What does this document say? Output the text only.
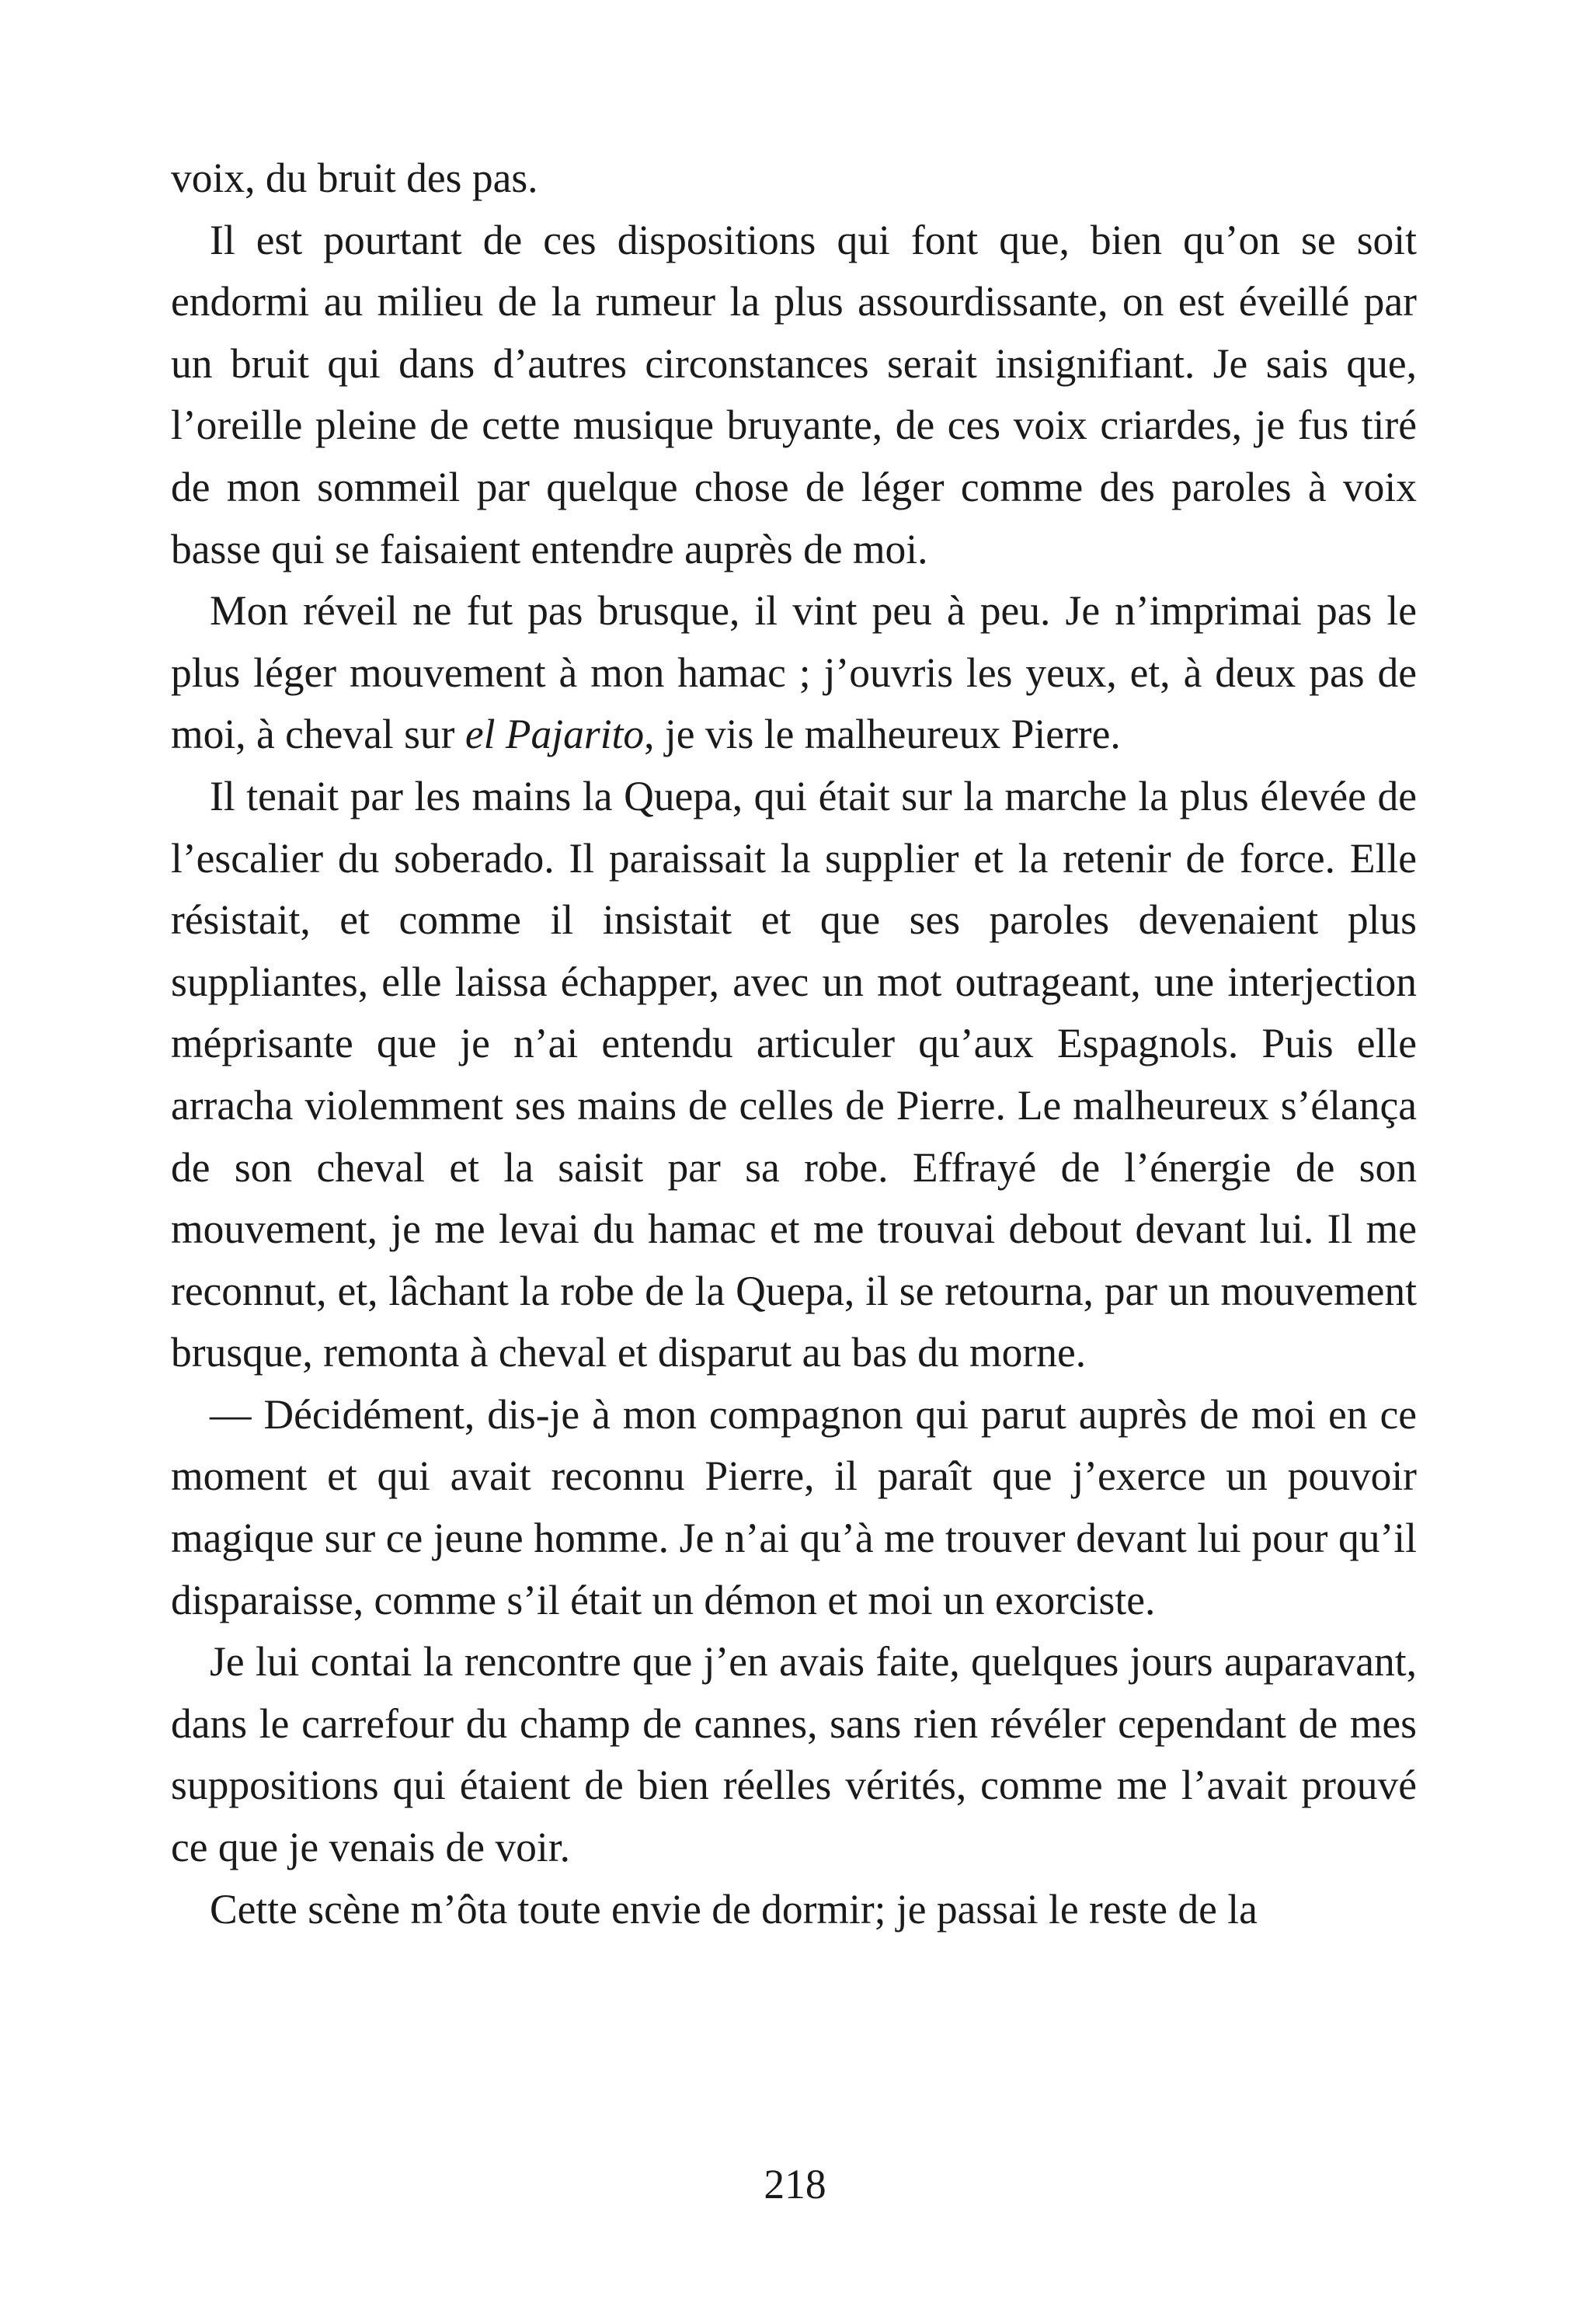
voix, du bruit des pas.

Il est pourtant de ces dispositions qui font que, bien qu’on se soit endormi au milieu de la rumeur la plus assourdissante, on est éveillé par un bruit qui dans d’autres circonstances serait insignifiant. Je sais que, l’oreille pleine de cette musique bruyante, de ces voix criardes, je fus tiré de mon sommeil par quelque chose de léger comme des paroles à voix basse qui se faisaient entendre auprès de moi.

Mon réveil ne fut pas brusque, il vint peu à peu. Je n’imprimai pas le plus léger mouvement à mon hamac ; j’ouvris les yeux, et, à deux pas de moi, à cheval sur el Pajarito, je vis le malheureux Pierre.

Il tenait par les mains la Quepa, qui était sur la marche la plus élevée de l’escalier du soberado. Il paraissait la supplier et la retenir de force. Elle résistait, et comme il insistait et que ses paroles devenaient plus suppliantes, elle laissa échapper, avec un mot outrageant, une interjection méprisante que je n’ai entendu articuler qu’aux Espagnols. Puis elle arracha violemment ses mains de celles de Pierre. Le malheureux s’élança de son cheval et la saisit par sa robe. Effrayé de l’énergie de son mouvement, je me levai du hamac et me trouvai debout devant lui. Il me reconnut, et, lâchant la robe de la Quepa, il se retourna, par un mouvement brusque, remonta à cheval et disparut au bas du morne.

— Décidément, dis-je à mon compagnon qui parut auprès de moi en ce moment et qui avait reconnu Pierre, il paraît que j’exerce un pouvoir magique sur ce jeune homme. Je n’ai qu’à me trouver devant lui pour qu’il disparaisse, comme s’il était un démon et moi un exorciste.

Je lui contai la rencontre que j’en avais faite, quelques jours auparavant, dans le carrefour du champ de cannes, sans rien révéler cependant de mes suppositions qui étaient de bien réelles vérités, comme me l’avait prouvé ce que je venais de voir.

Cette scène m’ôta toute envie de dormir; je passai le reste de la

218
